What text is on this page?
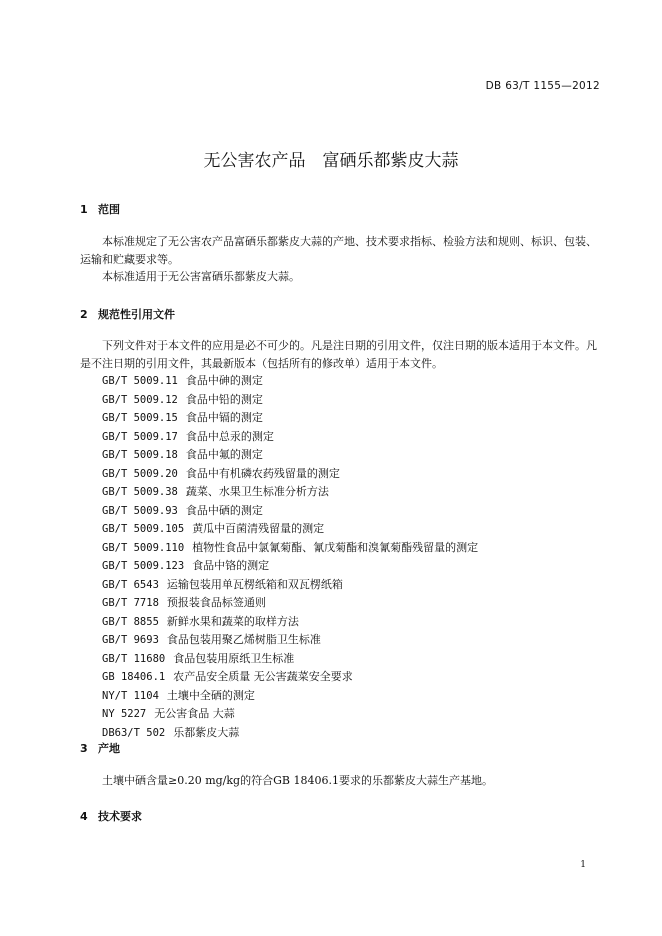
DB 63/T 1155—2012
无公害农产品　富硒乐都紫皮大蒜
1 范围
本标准规定了无公害农产品富硒乐都紫皮大蒜的产地、技术要求指标、检验方法和规则、标识、包装、运输和贮藏要求等。
本标准适用于无公害富硒乐都紫皮大蒜。
2 规范性引用文件
下列文件对于本文件的应用是必不可少的。凡是注日期的引用文件，仅注日期的版本适用于本文件。凡是不注日期的引用文件，其最新版本（包括所有的修改单）适用于本文件。
GB/T 5009.11 食品中砷的测定
GB/T 5009.12 食品中铅的测定
GB/T 5009.15 食品中镉的测定
GB/T 5009.17 食品中总汞的测定
GB/T 5009.18 食品中氟的测定
GB/T 5009.20 食品中有机磷农药残留量的测定
GB/T 5009.38 蔬菜、水果卫生标准分析方法
GB/T 5009.93 食品中硒的测定
GB/T 5009.105 黄瓜中百菌清残留量的测定
GB/T 5009.110 植物性食品中氯氰菊酯、氰戊菊酯和溴氰菊酯残留量的测定
GB/T 5009.123 食品中铬的测定
GB/T 6543 运输包装用单瓦楞纸箱和双瓦楞纸箱
GB/T 7718 预报装食品标签通则
GB/T 8855 新鲜水果和蔬菜的取样方法
GB/T 9693 食品包装用聚乙烯树脂卫生标准
GB/T 11680 食品包装用原纸卫生标准
GB 18406.1 农产品安全质量 无公害蔬菜安全要求
NY/T 1104 土壤中全硒的测定
NY 5227 无公害食品 大蒜
DB63/T 502 乐都紫皮大蒜
3 产地
土壤中硒含量≥0.20 mg/kg的符合GB 18406.1要求的乐都紫皮大蒜生产基地。
4 技术要求
1
